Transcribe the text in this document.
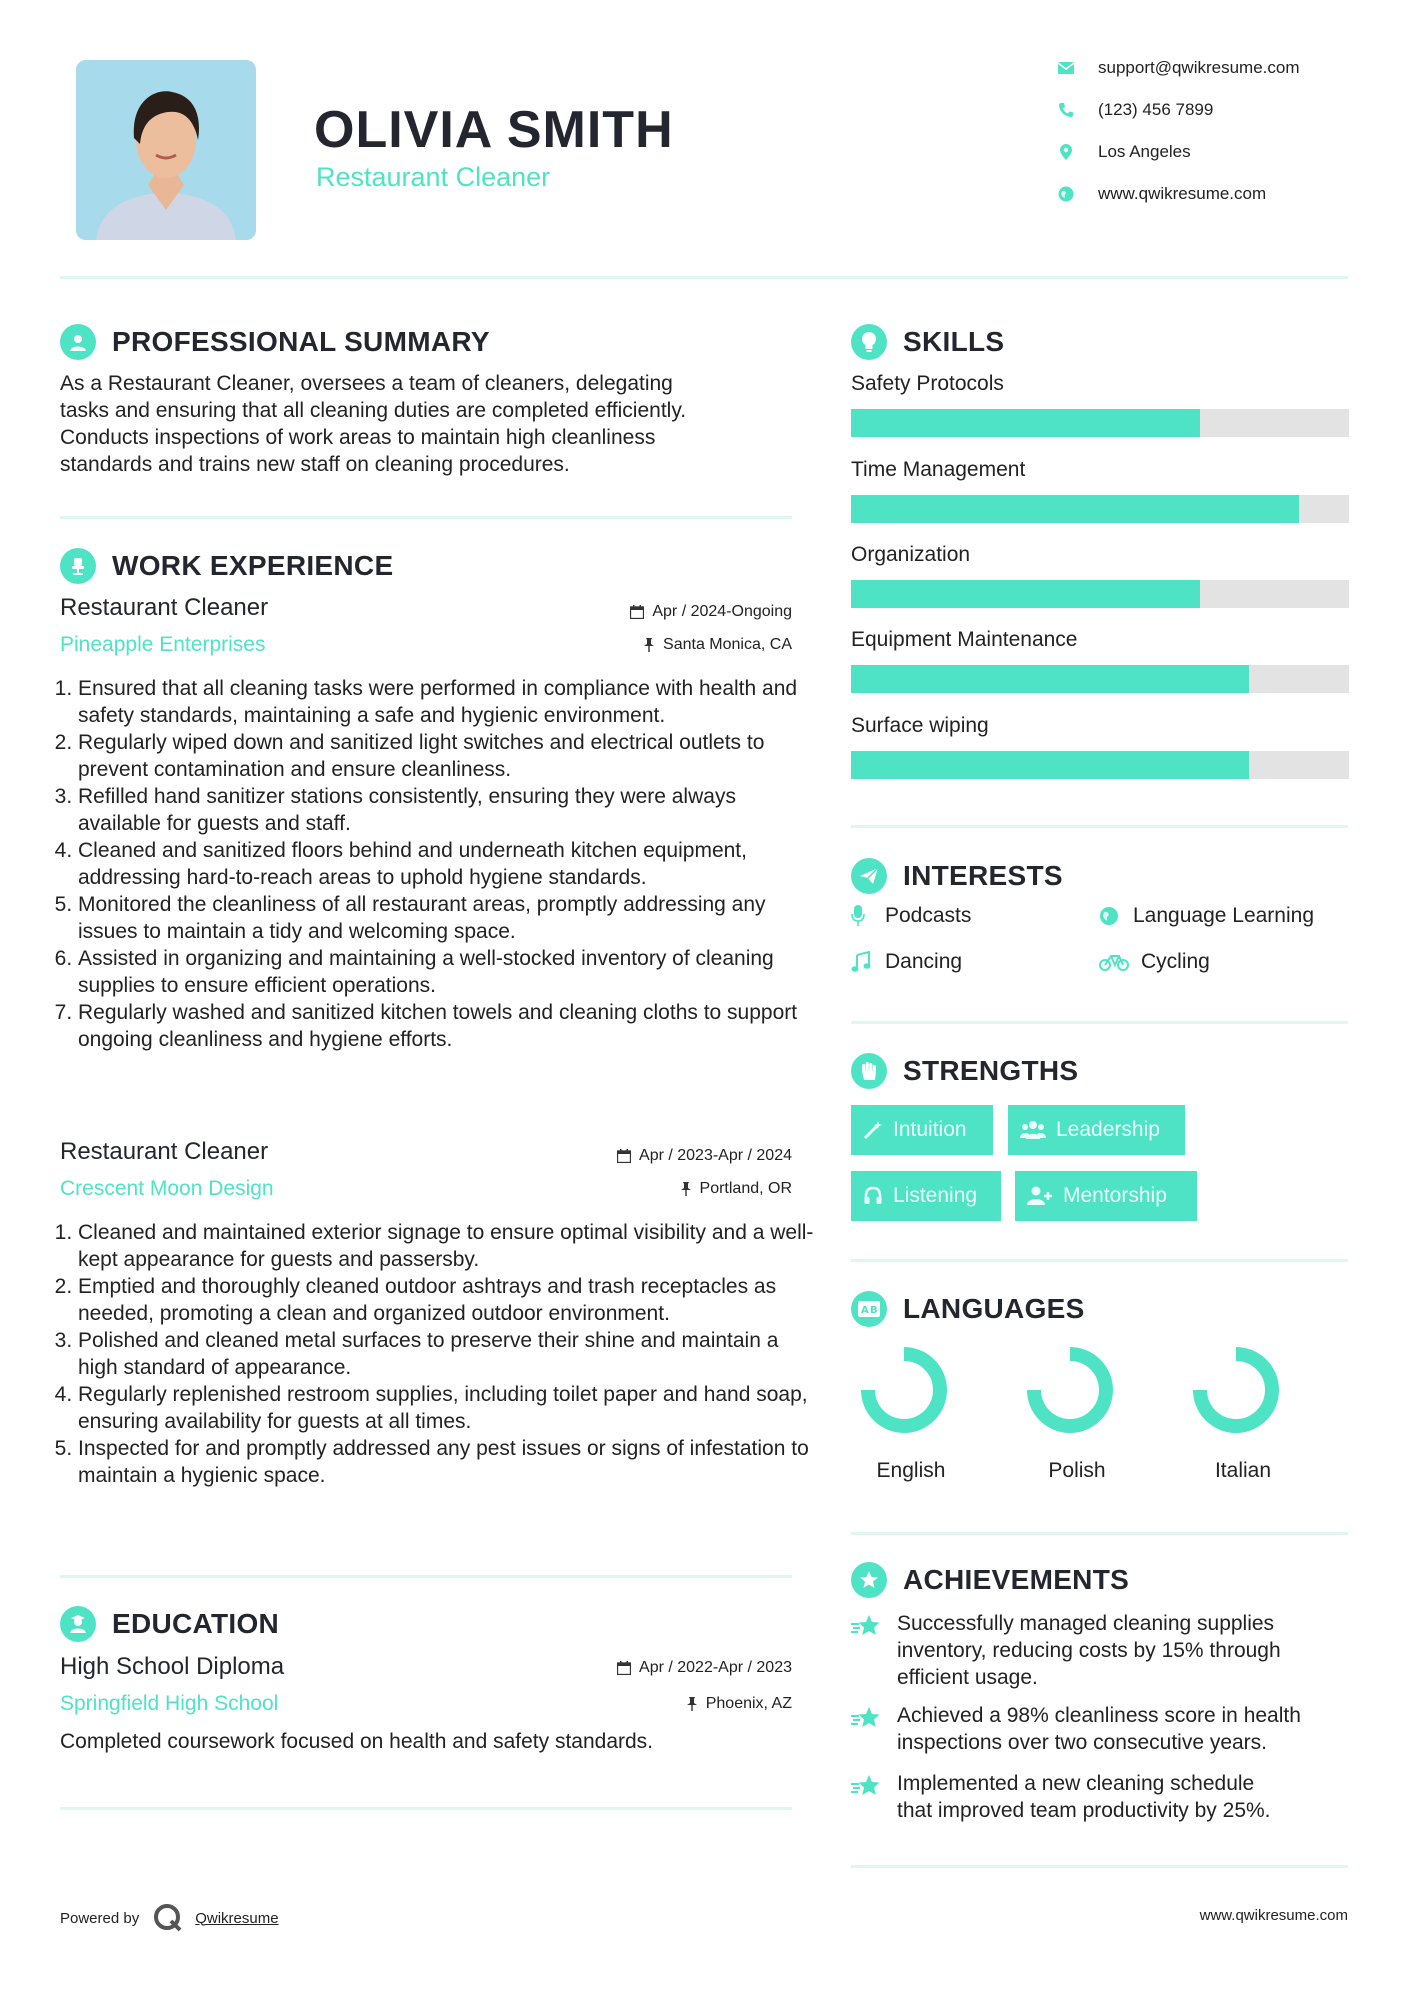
OLIVIA SMITH
Restaurant Cleaner
support@qwikresume.com
(123) 456 7899
Los Angeles
www.qwikresume.com
PROFESSIONAL SUMMARY
As a Restaurant Cleaner, oversees a team of cleaners, delegating
tasks and ensuring that all cleaning duties are completed efficiently.
Conducts inspections of work areas to maintain high cleanliness
standards and trains new staff on cleaning procedures.
WORK EXPERIENCE
Restaurant Cleaner	Apr / 2024-Ongoing
Pineapple Enterprises	Santa Monica, CA
1. Ensured that all cleaning tasks were performed in compliance with health and safety standards, maintaining a safe and hygienic environment.
2. Regularly wiped down and sanitized light switches and electrical outlets to prevent contamination and ensure cleanliness.
3. Refilled hand sanitizer stations consistently, ensuring they were always available for guests and staff.
4. Cleaned and sanitized floors behind and underneath kitchen equipment, addressing hard-to-reach areas to uphold hygiene standards.
5. Monitored the cleanliness of all restaurant areas, promptly addressing any issues to maintain a tidy and welcoming space.
6. Assisted in organizing and maintaining a well-stocked inventory of cleaning supplies to ensure efficient operations.
7. Regularly washed and sanitized kitchen towels and cleaning cloths to support ongoing cleanliness and hygiene efforts.
Restaurant Cleaner	Apr / 2023-Apr / 2024
Crescent Moon Design	Portland, OR
1. Cleaned and maintained exterior signage to ensure optimal visibility and a well-kept appearance for guests and passersby.
2. Emptied and thoroughly cleaned outdoor ashtrays and trash receptacles as needed, promoting a clean and organized outdoor environment.
3. Polished and cleaned metal surfaces to preserve their shine and maintain a high standard of appearance.
4. Regularly replenished restroom supplies, including toilet paper and hand soap, ensuring availability for guests at all times.
5. Inspected for and promptly addressed any pest issues or signs of infestation to maintain a hygienic space.
EDUCATION
High School Diploma	Apr / 2022-Apr / 2023
Springfield High School	Phoenix, AZ
Completed coursework focused on health and safety standards.
SKILLS
Safety Protocols
Time Management
Organization
Equipment Maintenance
Surface wiping
INTERESTS
Podcasts	Language Learning
Dancing	Cycling
STRENGTHS
Intuition	Leadership
Listening	Mentorship
A B LANGUAGES
English	Polish	Italian
ACHIEVEMENTS
Successfully managed cleaning supplies
inventory, reducing costs by 15% through
efficient usage.
Achieved a 98% cleanliness score in health
inspections over two consecutive years.
Implemented a new cleaning schedule
that improved team productivity by 25%.
Powered by	Qwikresume	www.qwikresume.com
